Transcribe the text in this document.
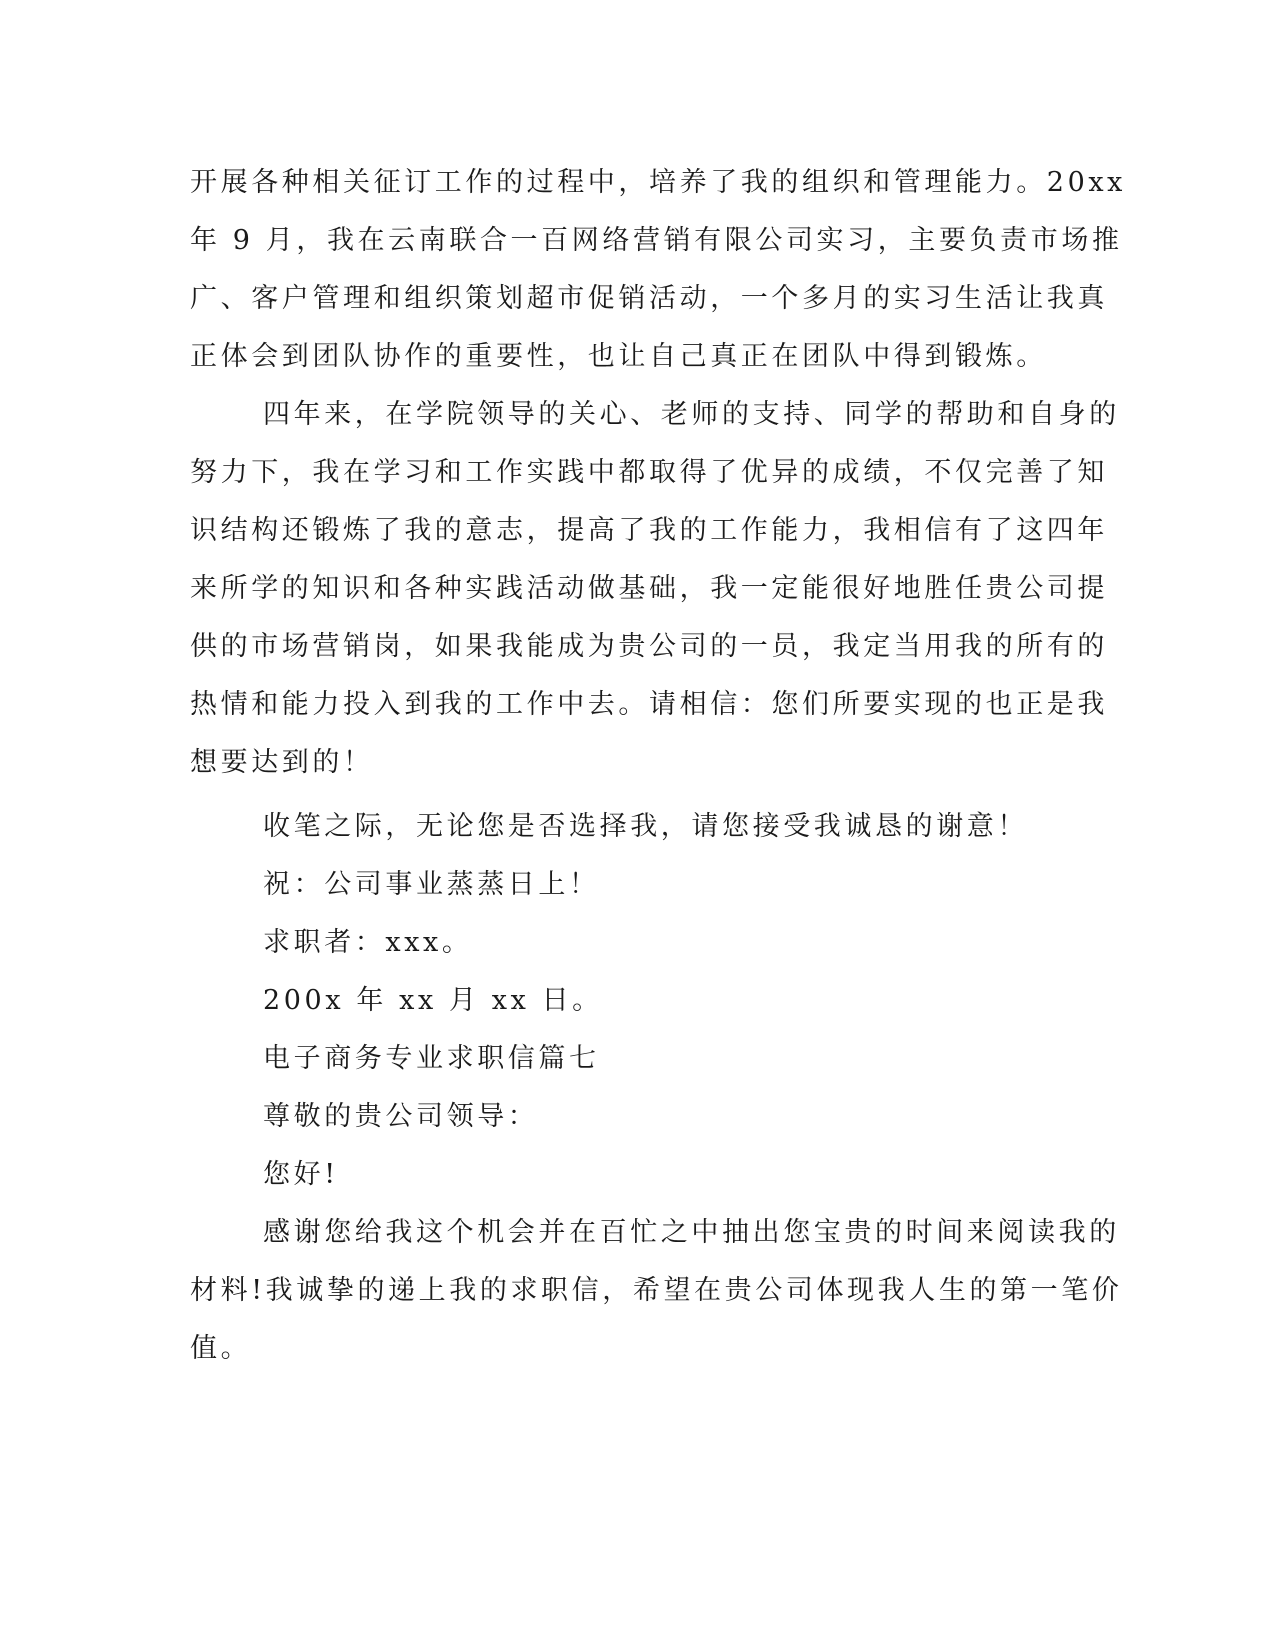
开展各种相关征订工作的过程中，培养了我的组织和管理能力。20xx
年 9 月，我在云南联合一百网络营销有限公司实习，主要负责市场推
广、客户管理和组织策划超市促销活动，一个多月的实习生活让我真
正体会到团队协作的重要性，也让自己真正在团队中得到锻炼。
四年来，在学院领导的关心、老师的支持、同学的帮助和自身的
努力下，我在学习和工作实践中都取得了优异的成绩，不仅完善了知
识结构还锻炼了我的意志，提高了我的工作能力，我相信有了这四年
来所学的知识和各种实践活动做基础，我一定能很好地胜任贵公司提
供的市场营销岗，如果我能成为贵公司的一员，我定当用我的所有的
热情和能力投入到我的工作中去。请相信：您们所要实现的也正是我
想要达到的！
收笔之际，无论您是否选择我，请您接受我诚恳的谢意！
祝：公司事业蒸蒸日上！
求职者：xxx。
200x 年 xx 月 xx 日。
电子商务专业求职信篇七
尊敬的贵公司领导：
您好!
感谢您给我这个机会并在百忙之中抽出您宝贵的时间来阅读我的
材料!我诚挚的递上我的求职信，希望在贵公司体现我人生的第一笔价
值。
